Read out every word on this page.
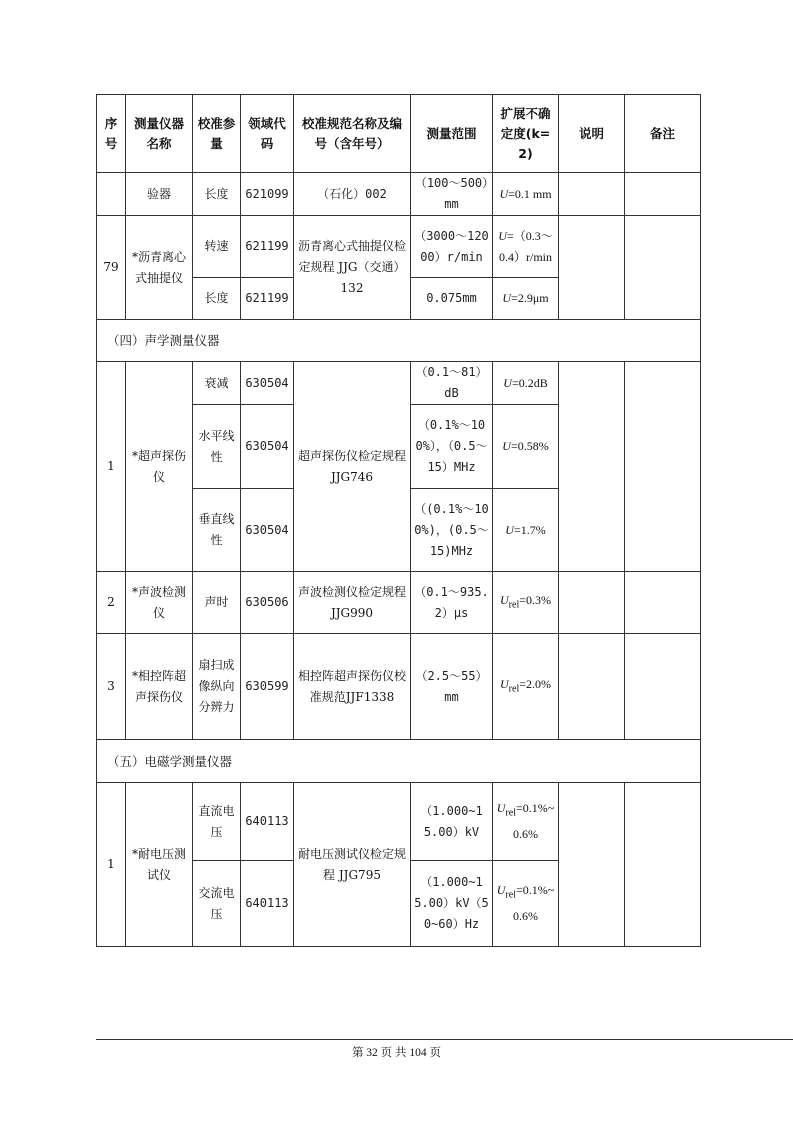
序号	测量仪器名称	校准参量	领域代码	校准规范名称及编号（含年号）	测量范围	扩展不确定度(k=2)	说明	备注
	验器	长度	621099	（石化）002	（100～500）mm	U=0.1 mm		
79	*沥青离心式抽提仪	转速	621199	沥青离心式抽提仪检定规程 JJG（交通）132	（3000～12000）r/min	U=（0.3～0.4）r/min		
		长度	621199		0.075mm	U=2.9μm		
（四）声学测量仪器								
1	*超声探伤仪	衰减	630504	超声探伤仪检定规程 JJG746	（0.1～81）dB	U=0.2dB		
		水平线性	630504		（0.1%～100%），（0.5～15）MHz	U=0.58%		
		垂直线性	630504		（(0.1%～100%)，(0.5～15)MHz	U=1.7%		
2	*声波检测仪	声时	630506	声波检测仪检定规程 JJG990	（0.1～935.2）μs	$U_{rel}=0.3\%$		
3	*相控阵超声探伤仪	扇扫成像纵向分辨力	630599	相控阵超声探伤仪校准规范JJF1338	（2.5～55）mm	$U_{rel}=2.0\%$		
（五）电磁学测量仪器								
1	*耐电压测试仪	直流电压	640113	耐电压测试仪检定规程 JJG795	（1.000~15.00）kV	$U_{rel}=0.1\%\sim 0.6\%$		
		交流电压	640113		（1.000~15.00）kV（50~60）Hz	$U_{rel}=0.1\%\sim 0.6\%$		
第 32 页 共 104 页
